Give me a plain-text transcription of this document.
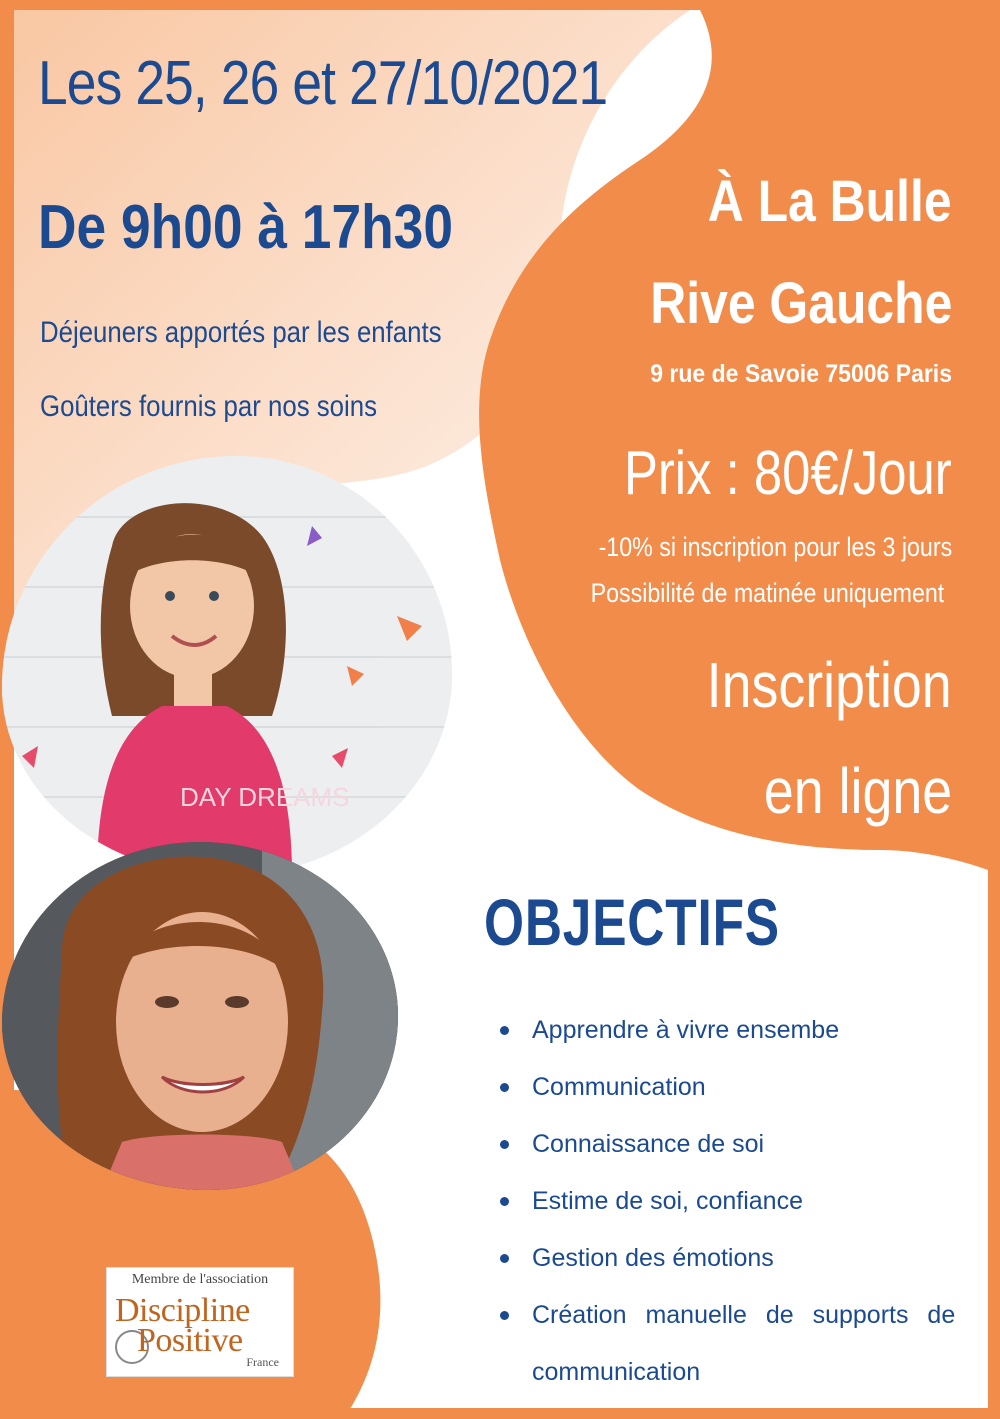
Les 25, 26 et 27/10/2021
De 9h00 à 17h30

Déjeuners apportés par les enfants

Goûters fournis par nos soins

À La Bulle

Rive Gauche

9 rue de Savoie 75006 Paris

Prix : 80€/Jour

-10% si inscription pour les 3 jours

Possibilité de matinée uniquement

Inscription

en ligne

DAY DREAMS
OBJECTIFS
Apprendre à vivre ensembe
Communication
Connaissance de soi
Estime de soi, confiance
Gestion des émotions
Création manuelle de supports de communication
Membre de l'association
Discipline
Positive
France
